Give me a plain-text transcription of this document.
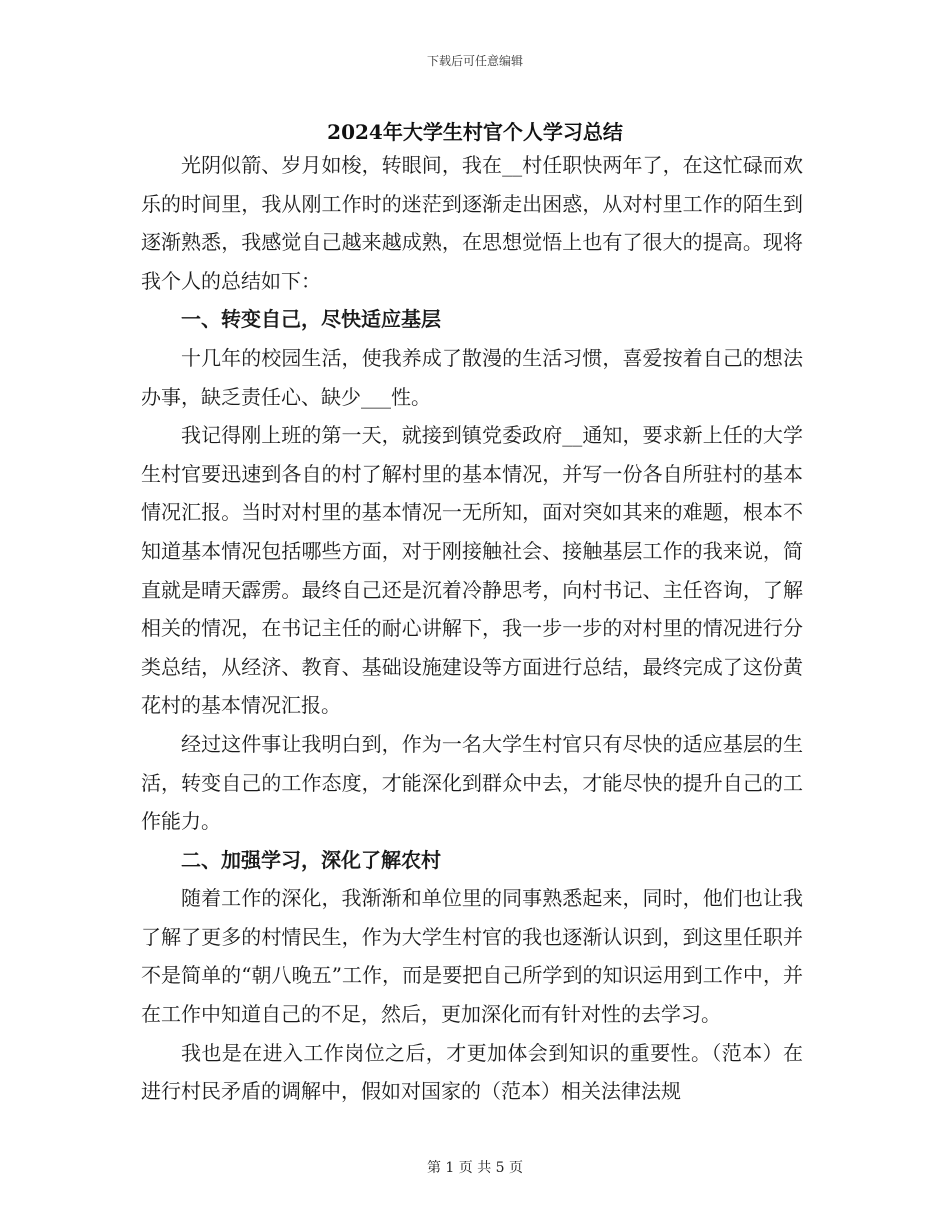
下载后可任意编辑
2024年大学生村官个人学习总结

光阴似箭、岁月如梭，转眼间，我在__村任职快两年了，在这忙碌而欢乐的时间里，我从刚工作时的迷茫到逐渐走出困惑，从对村里工作的陌生到逐渐熟悉，我感觉自己越来越成熟，在思想觉悟上也有了很大的提高。现将我个人的总结如下：

一、转变自己，尽快适应基层

十几年的校园生活，使我养成了散漫的生活习惯，喜爱按着自己的想法办事，缺乏责任心、缺少___性。

我记得刚上班的第一天，就接到镇党委政府__通知，要求新上任的大学生村官要迅速到各自的村了解村里的基本情况，并写一份各自所驻村的基本情况汇报。当时对村里的基本情况一无所知，面对突如其来的难题，根本不知道基本情况包括哪些方面，对于刚接触社会、接触基层工作的我来说，简直就是晴天霹雳。最终自己还是沉着冷静思考，向村书记、主任咨询，了解相关的情况，在书记主任的耐心讲解下，我一步一步的对村里的情况进行分类总结，从经济、教育、基础设施建设等方面进行总结，最终完成了这份黄花村的基本情况汇报。

经过这件事让我明白到，作为一名大学生村官只有尽快的适应基层的生活，转变自己的工作态度，才能深化到群众中去，才能尽快的提升自己的工作能力。

二、加强学习，深化了解农村

随着工作的深化，我渐渐和单位里的同事熟悉起来，同时，他们也让我了解了更多的村情民生，作为大学生村官的我也逐渐认识到，到这里任职并不是简单的“朝八晚五”工作，而是要把自己所学到的知识运用到工作中，并在工作中知道自己的不足，然后，更加深化而有针对性的去学习。

我也是在进入工作岗位之后，才更加体会到知识的重要性。（范本）在进行村民矛盾的调解中，假如对国家的（范本）相关法律法规

第 1 页 共 5 页
